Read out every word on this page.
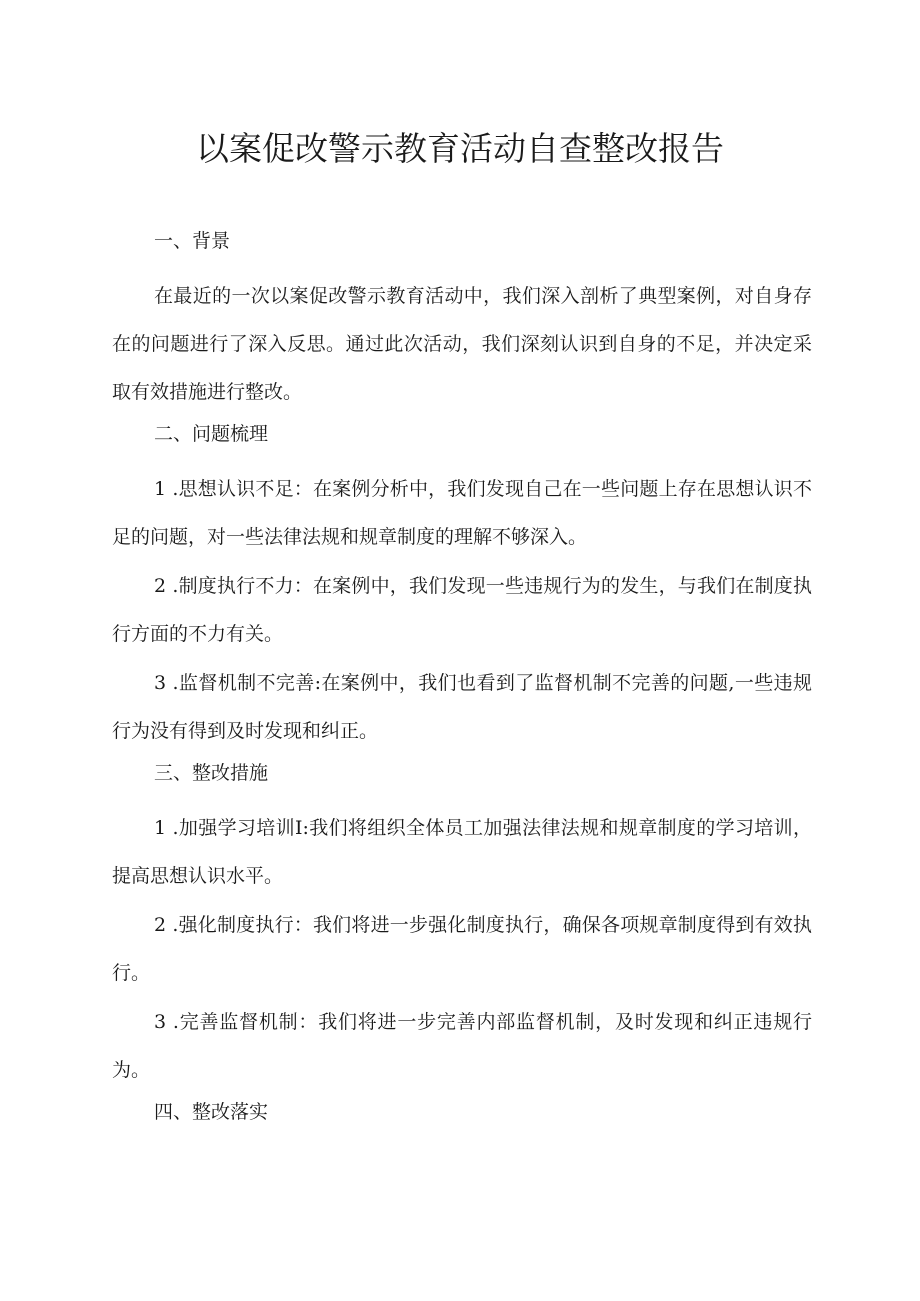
以案促改警示教育活动自查整改报告
一、背景

在最近的一次以案促改警示教育活动中，我们深入剖析了典型案例，对自身存在的问题进行了深入反思。通过此次活动，我们深刻认识到自身的不足，并决定采取有效措施进行整改。

二、问题梳理

1 .思想认识不足：在案例分析中，我们发现自己在一些问题上存在思想认识不足的问题，对一些法律法规和规章制度的理解不够深入。

2 .制度执行不力：在案例中，我们发现一些违规行为的发生，与我们在制度执行方面的不力有关。

3 .监督机制不完善:在案例中，我们也看到了监督机制不完善的问题,一些违规行为没有得到及时发现和纠正。

三、整改措施

1 .加强学习培训I:我们将组织全体员工加强法律法规和规章制度的学习培训，提高思想认识水平。

2 .强化制度执行：我们将进一步强化制度执行，确保各项规章制度得到有效执行。

3 .完善监督机制：我们将进一步完善内部监督机制，及时发现和纠正违规行为。

四、整改落实
